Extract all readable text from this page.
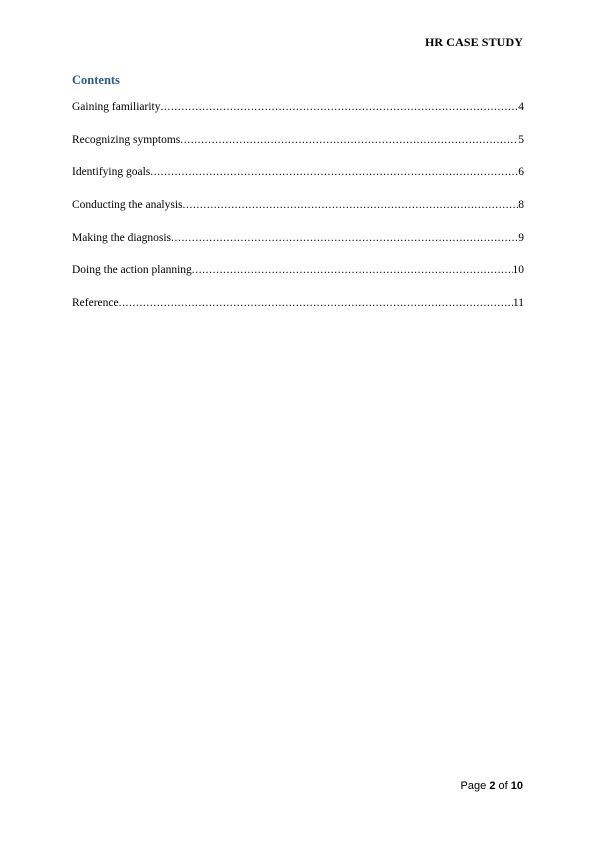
HR CASE STUDY
Contents
Gaining familiarity .....	4
Recognizing symptoms .....	5
Identifying goals .....	6
Conducting the analysis .....	8
Making the diagnosis .....	9
Doing the action planning .....	10
Reference .....	11
Page 2 of 10
